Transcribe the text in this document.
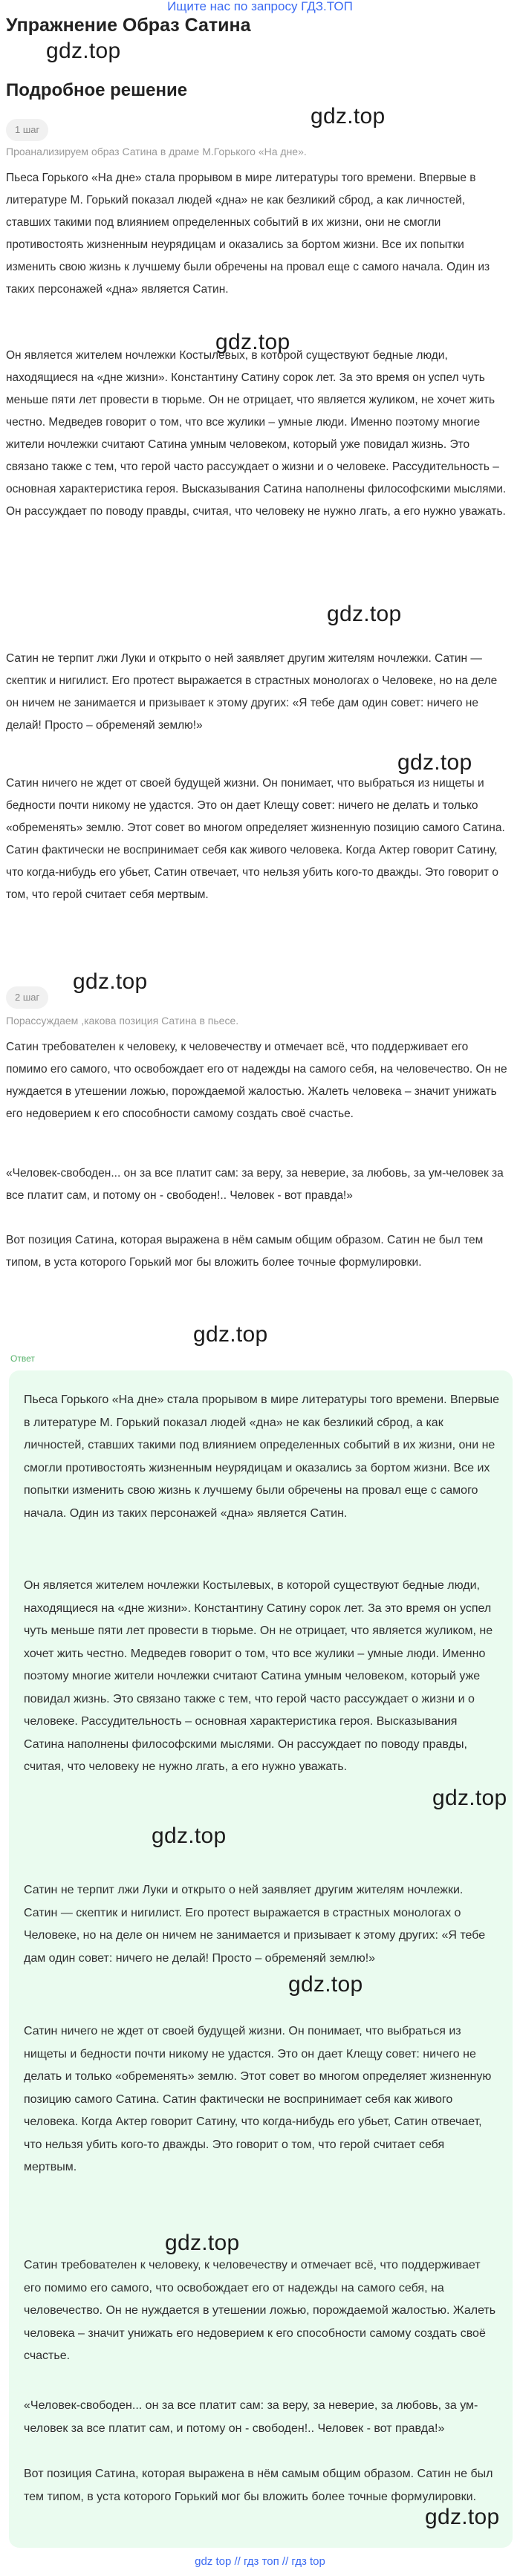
Ищите нас по запросу ГДЗ.ТОП
Упражнение Образ Сатина
gdz.top
Подробное решение
1 шаг
gdz.top
Проанализируем образ Сатина в драме М.Горького «На дне».
Пьеса Горького «На дне» стала прорывом в мире литературы того времени. Впервые в литературе М. Горький показал людей «дна» не как безликий сброд, а как личностей, ставших такими под влиянием определенных событий в их жизни, они не смогли противостоять жизненным неурядицам и оказались за бортом жизни. Все их попытки изменить свою жизнь к лучшему были обречены на провал еще с самого начала. Один из таких персонажей «дна» является Сатин.
gdz.top
Он является жителем ночлежки Костылевых, в которой существуют бедные люди, находящиеся на «дне жизни». Константину Сатину сорок лет. За это время он успел чуть меньше пяти лет провести в тюрьме. Он не отрицает, что является жуликом, не хочет жить честно. Медведев говорит о том, что все жулики – умные люди. Именно поэтому многие жители ночлежки считают Сатина умным человеком, который уже повидал жизнь. Это связано также с тем, что герой часто рассуждает о жизни и о человеке. Рассудительность – основная характеристика героя. Высказывания Сатина наполнены философскими мыслями. Он рассуждает по поводу правды, считая, что человеку не нужно лгать, а его нужно уважать.
gdz.top
Сатин не терпит лжи Луки и открыто о ней заявляет другим жителям ночлежки. Сатин — скептик и нигилист. Его протест выражается в страстных монологах о Человеке, но на деле он ничем не занимается и призывает к этому других: «Я тебе дам один совет: ничего не делай! Просто – обременяй землю!»
gdz.top
Сатин ничего не ждет от своей будущей жизни. Он понимает, что выбраться из нищеты и бедности почти никому не удастся. Это он дает Клещу совет: ничего не делать и только «обременять» землю. Этот совет во многом определяет жизненную позицию самого Сатина. Сатин фактически не воспринимает себя как живого человека. Когда Актер говорит Сатину, что когда-нибудь его убьет, Сатин отвечает, что нельзя убить кого-то дважды. Это говорит о том, что герой считает себя мертвым.
gdz.top
2 шаг
Порассуждаем ,какова позиция Сатина в пьесе.
Сатин требователен к человеку, к человечеству и отмечает всё, что поддерживает его помимо его самого, что освобождает его от надежды на самого себя, на человечество. Он не нуждается в утешении ложью, порождаемой жалостью. Жалеть человека – значит унижать его недоверием к его способности самому создать своё счастье.
«Человек-свободен... он за все платит сам: за веру, за неверие, за любовь, за ум-человек за все платит сам, и потому он - свободен!.. Человек - вот правда!»
Вот позиция Сатина, которая выражена в нём самым общим образом. Сатин не был тем типом, в уста которого Горький мог бы вложить более точные формулировки.
gdz.top
Ответ
Пьеса Горького «На дне» стала прорывом в мире литературы того времени. Впервые в литературе М. Горький показал людей «дна» не как безликий сброд, а как личностей, ставших такими под влиянием определенных событий в их жизни, они не смогли противостоять жизненным неурядицам и оказались за бортом жизни. Все их попытки изменить свою жизнь к лучшему были обречены на провал еще с самого начала. Один из таких персонажей «дна» является Сатин.
Он является жителем ночлежки Костылевых, в которой существуют бедные люди, находящиеся на «дне жизни». Константину Сатину сорок лет. За это время он успел чуть меньше пяти лет провести в тюрьме. Он не отрицает, что является жуликом, не хочет жить честно. Медведев говорит о том, что все жулики – умные люди. Именно поэтому многие жители ночлежки считают Сатина умным человеком, который уже повидал жизнь. Это связано также с тем, что герой часто рассуждает о жизни и о человеке. Рассудительность – основная характеристика героя. Высказывания Сатина наполнены философскими мыслями. Он рассуждает по поводу правды, считая, что человеку не нужно лгать, а его нужно уважать.
gdz.top
gdz.top
Сатин не терпит лжи Луки и открыто о ней заявляет другим жителям ночлежки. Сатин — скептик и нигилист. Его протест выражается в страстных монологах о Человеке, но на деле он ничем не занимается и призывает к этому других: «Я тебе дам один совет: ничего не делай! Просто – обременяй землю!»
gdz.top
Сатин ничего не ждет от своей будущей жизни. Он понимает, что выбраться из нищеты и бедности почти никому не удастся. Это он дает Клещу совет: ничего не делать и только «обременять» землю. Этот совет во многом определяет жизненную позицию самого Сатина. Сатин фактически не воспринимает себя как живого человека. Когда Актер говорит Сатину, что когда-нибудь его убьет, Сатин отвечает, что нельзя убить кого-то дважды. Это говорит о том, что герой считает себя мертвым.
gdz.top
Сатин требователен к человеку, к человечеству и отмечает всё, что поддерживает его помимо его самого, что освобождает его от надежды на самого себя, на человечество. Он не нуждается в утешении ложью, порождаемой жалостью. Жалеть человека – значит унижать его недоверием к его способности самому создать своё счастье.
«Человек-свободен... он за все платит сам: за веру, за неверие, за любовь, за ум-человек за все платит сам, и потому он - свободен!.. Человек - вот правда!»
Вот позиция Сатина, которая выражена в нём самым общим образом. Сатин не был тем типом, в уста которого Горький мог бы вложить более точные формулировки.
gdz.top
gdz top // гдз топ // гдз top
